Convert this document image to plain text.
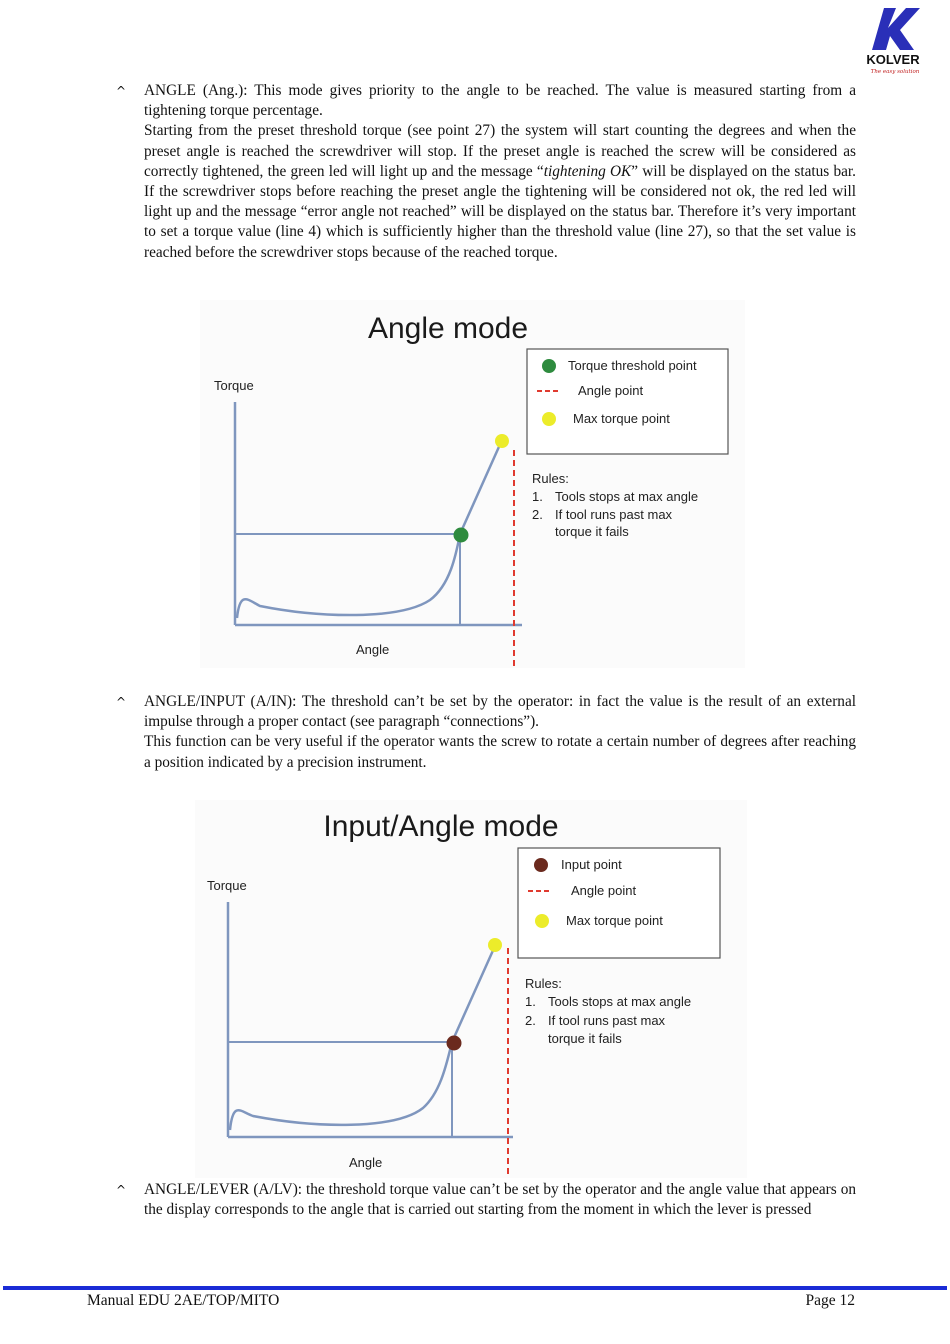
KOLVER
The easy solution
^ ANGLE (Ang.): This mode gives priority to the angle to be reached. The value is measured starting from a tightening torque percentage.

Starting from the preset threshold torque (see point 27) the system will start counting the degrees and when the preset angle is reached the screwdriver will stop. If the preset angle is reached the screw will be considered as correctly tightened, the green led will light up and the message “tightening OK” will be displayed on the status bar. If the screwdriver stops before reaching the preset angle the tightening will be considered not ok, the red led will light up and the message “error angle not reached” will be displayed on the status bar. Therefore it’s very important to set a torque value (line 4) which is sufficiently higher than the threshold value (line 27), so that the set value is reached before the screwdriver stops because of the reached torque.

Angle mode
Torque
Angle
Torque threshold point
Angle point
Max torque point
Rules:
1. Tools stops at max angle
2. If tool runs past max
torque it fails
^ ANGLE/INPUT (A/IN): The threshold can’t be set by the operator: in fact the value is the result of an external impulse through a proper contact (see paragraph “connections”).

This function can be very useful if the operator wants the screw to rotate a certain number of degrees after reaching a position indicated by a precision instrument.

Input/Angle mode
Torque
Angle
Input point
Angle point
Max torque point
Rules:
1. Tools stops at max angle
2. If tool runs past max
torque it fails
^ ANGLE/LEVER (A/LV): the threshold torque value can’t be set by the operator and the angle value that appears on the display corresponds to the angle that is carried out starting from the moment in which the lever is pressed

Manual EDU 2AE/TOP/MITO	Page 12
